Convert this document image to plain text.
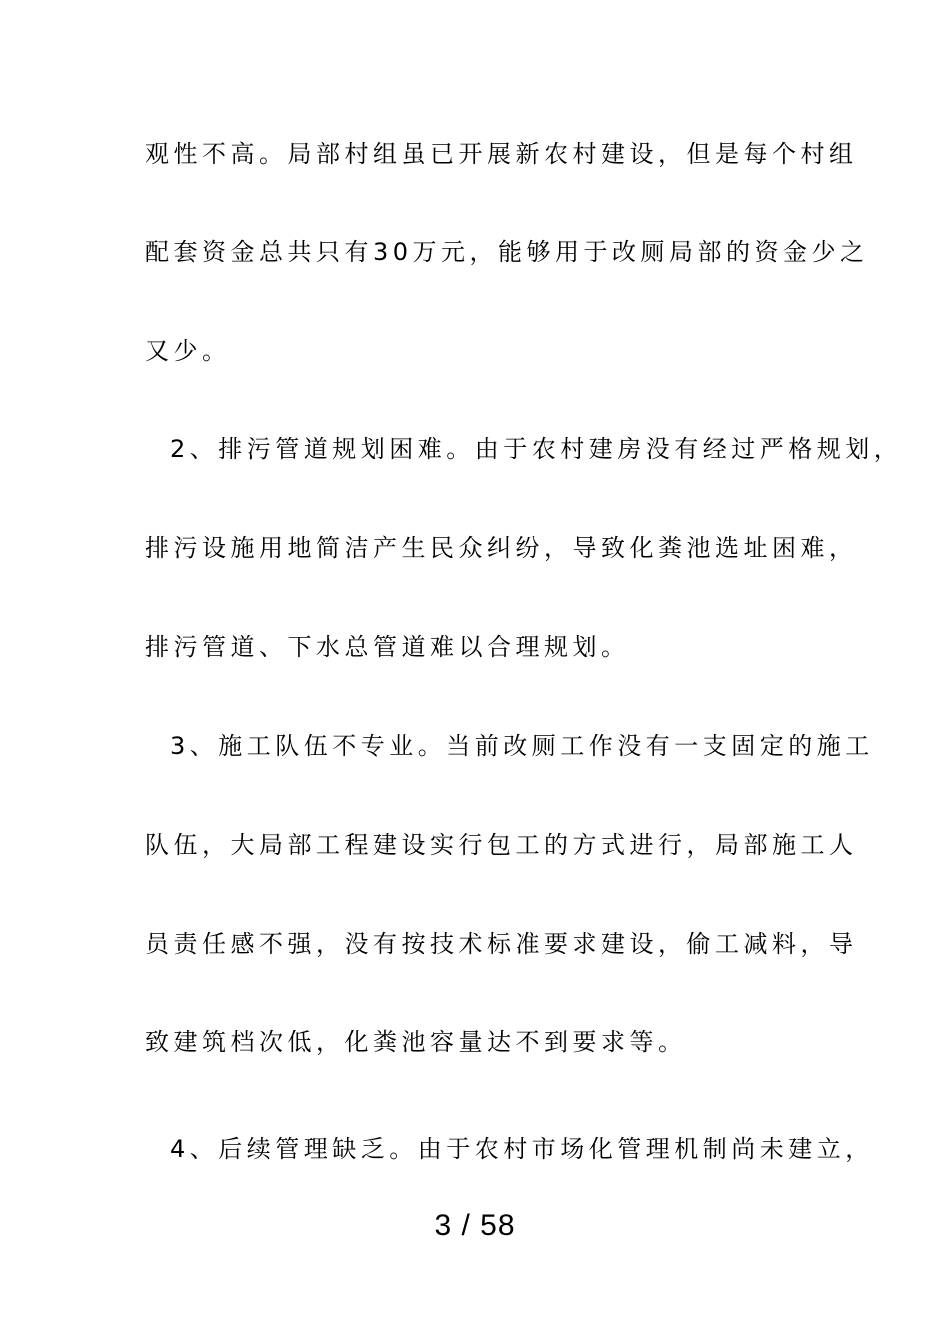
观性不高。局部村组虽已开展新农村建设，但是每个村组
配套资金总共只有30万元，能够用于改厕局部的资金少之
又少。
2、排污管道规划困难。由于农村建房没有经过严格规划，
排污设施用地简洁产生民众纠纷，导致化粪池选址困难，
排污管道、下水总管道难以合理规划。
3、施工队伍不专业。当前改厕工作没有一支固定的施工
队伍，大局部工程建设实行包工的方式进行，局部施工人
员责任感不强，没有按技术标准要求建设，偷工减料，导
致建筑档次低，化粪池容量达不到要求等。
4、后续管理缺乏。由于农村市场化管理机制尚未建立，
3 / 58
